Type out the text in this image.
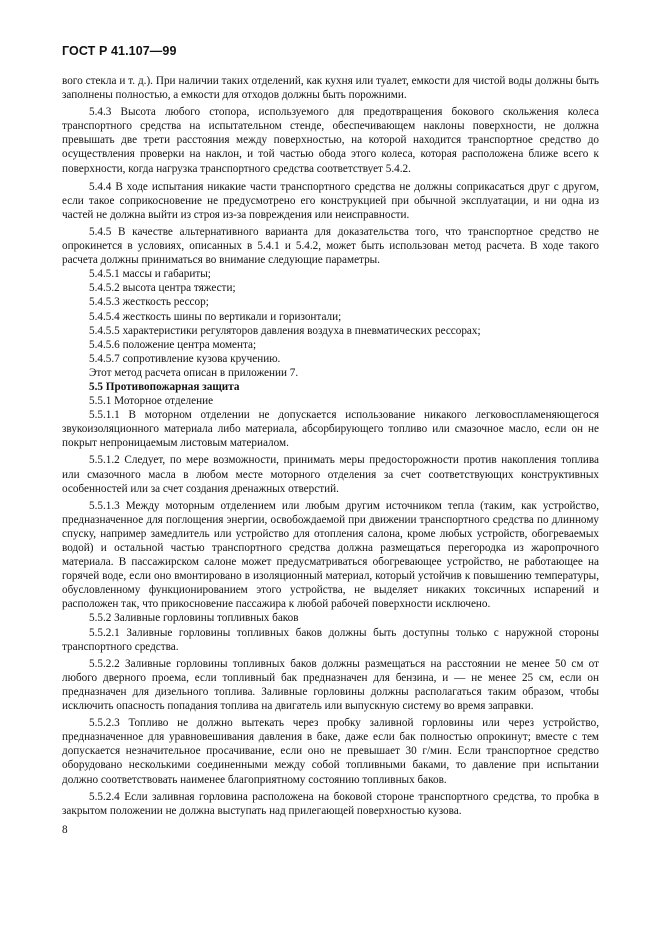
ГОСТ Р 41.107—99

вого стекла и т. д.). При наличии таких отделений, как кухня или туалет, емкости для чистой воды должны быть заполнены полностью, а емкости для отходов должны быть порожними.

5.4.3 Высота любого стопора, используемого для предотвращения бокового скольжения колеса транспортного средства на испытательном стенде, обеспечивающем наклоны поверхности, не должна превышать две трети расстояния между поверхностью, на которой находится транспортное средство до осуществления проверки на наклон, и той частью обода этого колеса, которая расположена ближе всего к поверхности, когда нагрузка транспортного средства соответствует 5.4.2.

5.4.4 В ходе испытания никакие части транспортного средства не должны соприкасаться друг с другом, если такое соприкосновение не предусмотрено его конструкцией при обычной эксплуатации, и ни одна из частей не должна выйти из строя из-за повреждения или неисправности.

5.4.5 В качестве альтернативного варианта для доказательства того, что транспортное средство не опрокинется в условиях, описанных в 5.4.1 и 5.4.2, может быть использован метод расчета. В ходе такого расчета должны приниматься во внимание следующие параметры.

5.4.5.1 массы и габариты;

5.4.5.2 высота центра тяжести;

5.4.5.3 жесткость рессор;

5.4.5.4 жесткость шины по вертикали и горизонтали;

5.4.5.5 характеристики регуляторов давления воздуха в пневматических рессорах;

5.4.5.6 положение центра момента;

5.4.5.7 сопротивление кузова кручению.

Этот метод расчета описан в приложении 7.

5.5 Противопожарная защита

5.5.1 Моторное отделение

5.5.1.1 В моторном отделении не допускается использование никакого легковоспламеняющегося звукоизоляционного материала либо материала, абсорбирующего топливо или смазочное масло, если он не покрыт непроницаемым листовым материалом.

5.5.1.2 Следует, по мере возможности, принимать меры предосторожности против накопления топлива или смазочного масла в любом месте моторного отделения за счет соответствующих конструктивных особенностей или за счет создания дренажных отверстий.

5.5.1.3 Между моторным отделением или любым другим источником тепла (таким, как устройство, предназначенное для поглощения энергии, освобождаемой при движении транспортного средства по длинному спуску, например замедлитель или устройство для отопления салона, кроме любых устройств, обогреваемых водой) и остальной частью транспортного средства должна размещаться перегородка из жаропрочного материала. В пассажирском салоне может предусматриваться обогревающее устройство, не работающее на горячей воде, если оно вмонтировано в изоляционный материал, который устойчив к повышению температуры, обусловленному функционированием этого устройства, не выделяет никаких токсичных испарений и расположен так, что прикосновение пассажира к любой рабочей поверхности исключено.

5.5.2 Заливные горловины топливных баков

5.5.2.1 Заливные горловины топливных баков должны быть доступны только с наружной стороны транспортного средства.

5.5.2.2 Заливные горловины топливных баков должны размещаться на расстоянии не менее 50 см от любого дверного проема, если топливный бак предназначен для бензина, и — не менее 25 см, если он предназначен для дизельного топлива. Заливные горловины должны располагаться таким образом, чтобы исключить опасность попадания топлива на двигатель или выпускную систему во время заправки.

5.5.2.3 Топливо не должно вытекать через пробку заливной горловины или через устройство, предназначенное для уравновешивания давления в баке, даже если бак полностью опрокинут; вместе с тем допускается незначительное просачивание, если оно не превышает 30 г/мин. Если транспортное средство оборудовано несколькими соединенными между собой топливными баками, то давление при испытании должно соответствовать наименее благоприятному состоянию топливных баков.

5.5.2.4 Если заливная горловина расположена на боковой стороне транспортного средства, то пробка в закрытом положении не должна выступать над прилегающей поверхностью кузова.

8
